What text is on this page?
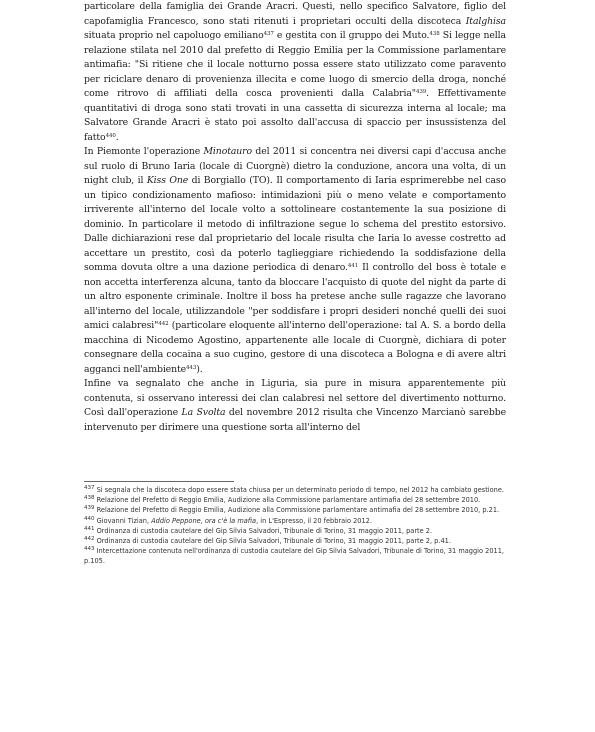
particolare della famiglia dei Grande Aracri. Questi, nello specifico Salvatore, figlio del capofamiglia Francesco, sono stati ritenuti i proprietari occulti della discoteca Italghisa situata proprio nel capoluogo emiliano$^{437}$ e gestita con il gruppo dei Muto.$^{438}$ Si legge nella relazione stilata nel 2010 dal prefetto di Reggio Emilia per la Commissione parlamentare antimafia: "Si ritiene che il locale notturno possa essere stato utilizzato come paravento per riciclare denaro di provenienza illecita e come luogo di smercio della droga, nonché come ritrovo di affiliati della cosca provenienti dalla Calabria"$^{439}$. Effettivamente quantitativi di droga sono stati trovati in una cassetta di sicurezza interna al locale; ma Salvatore Grande Aracri è stato poi assolto dall'accusa di spaccio per insussistenza del fatto$^{440}$.

In Piemonte l'operazione Minotauro del 2011 si concentra nei diversi capi d'accusa anche sul ruolo di Bruno Iaria (locale di Cuorgnè) dietro la conduzione, ancora una volta, di un night club, il Kiss One di Borgiallo (TO). Il comportamento di Iaria esprimerebbe nel caso un tipico condizionamento mafioso: intimidazioni più o meno velate e comportamento irriverente all'interno del locale volto a sottolineare costantemente la sua posizione di dominio. In particolare il metodo di infiltrazione segue lo schema del prestito estorsivo. Dalle dichiarazioni rese dal proprietario del locale risulta che Iaria lo avesse costretto ad accettare un prestito, così da poterlo taglieggiare richiedendo la soddisfazione della somma dovuta oltre a una dazione periodica di denaro.$^{441}$ Il controllo del boss è totale e non accetta interferenza alcuna, tanto da bloccare l'acquisto di quote del night da parte di un altro esponente criminale. Inoltre il boss ha pretese anche sulle ragazze che lavorano all'interno del locale, utilizzandole "per soddisfare i propri desideri nonché quelli dei suoi amici calabresi"$^{442}$ (particolare eloquente all'interno dell'operazione: tal A. S. a bordo della macchina di Nicodemo Agostino, appartenente alle locale di Cuorgnè, dichiara di poter consegnare della cocaina a suo cugino, gestore di una discoteca a Bologna e di avere altri agganci nell'ambiente$^{443}$).

Infine va segnalato che anche in Liguria, sia pure in misura apparentemente più contenuta, si osservano interessi dei clan calabresi nel settore del divertimento notturno. Così dall'operazione La Svolta del novembre 2012 risulta che Vincenzo Marcianò sarebbe intervenuto per dirimere una questione sorta all'interno del

$^{437}$ Si segnala che la discoteca dopo essere stata chiusa per un determinato periodo di tempo, nel 2012 ha cambiato gestione.

$^{438}$ Relazione del Prefetto di Reggio Emilia, Audizione alla Commissione parlamentare antimafia del 28 settembre 2010.

$^{439}$ Relazione del Prefetto di Reggio Emilia, Audizione alla Commissione parlamentare antimafia del 28 settembre 2010, p.21.

$^{440}$ Giovanni Tizian, Addio Peppone, ora c'è la mafia, in L'Espresso, il 20 febbraio 2012.

$^{441}$ Ordinanza di custodia cautelare del Gip Silvia Salvadori, Tribunale di Torino, 31 maggio 2011, parte 2.

$^{442}$ Ordinanza di custodia cautelare del Gip Silvia Salvadori, Tribunale di Torino, 31 maggio 2011, parte 2, p.41.

$^{443}$ Intercettazione contenuta nell'ordinanza di custodia cautelare del Gip Silvia Salvadori, Tribunale di Torino, 31 maggio 2011, p.105.
